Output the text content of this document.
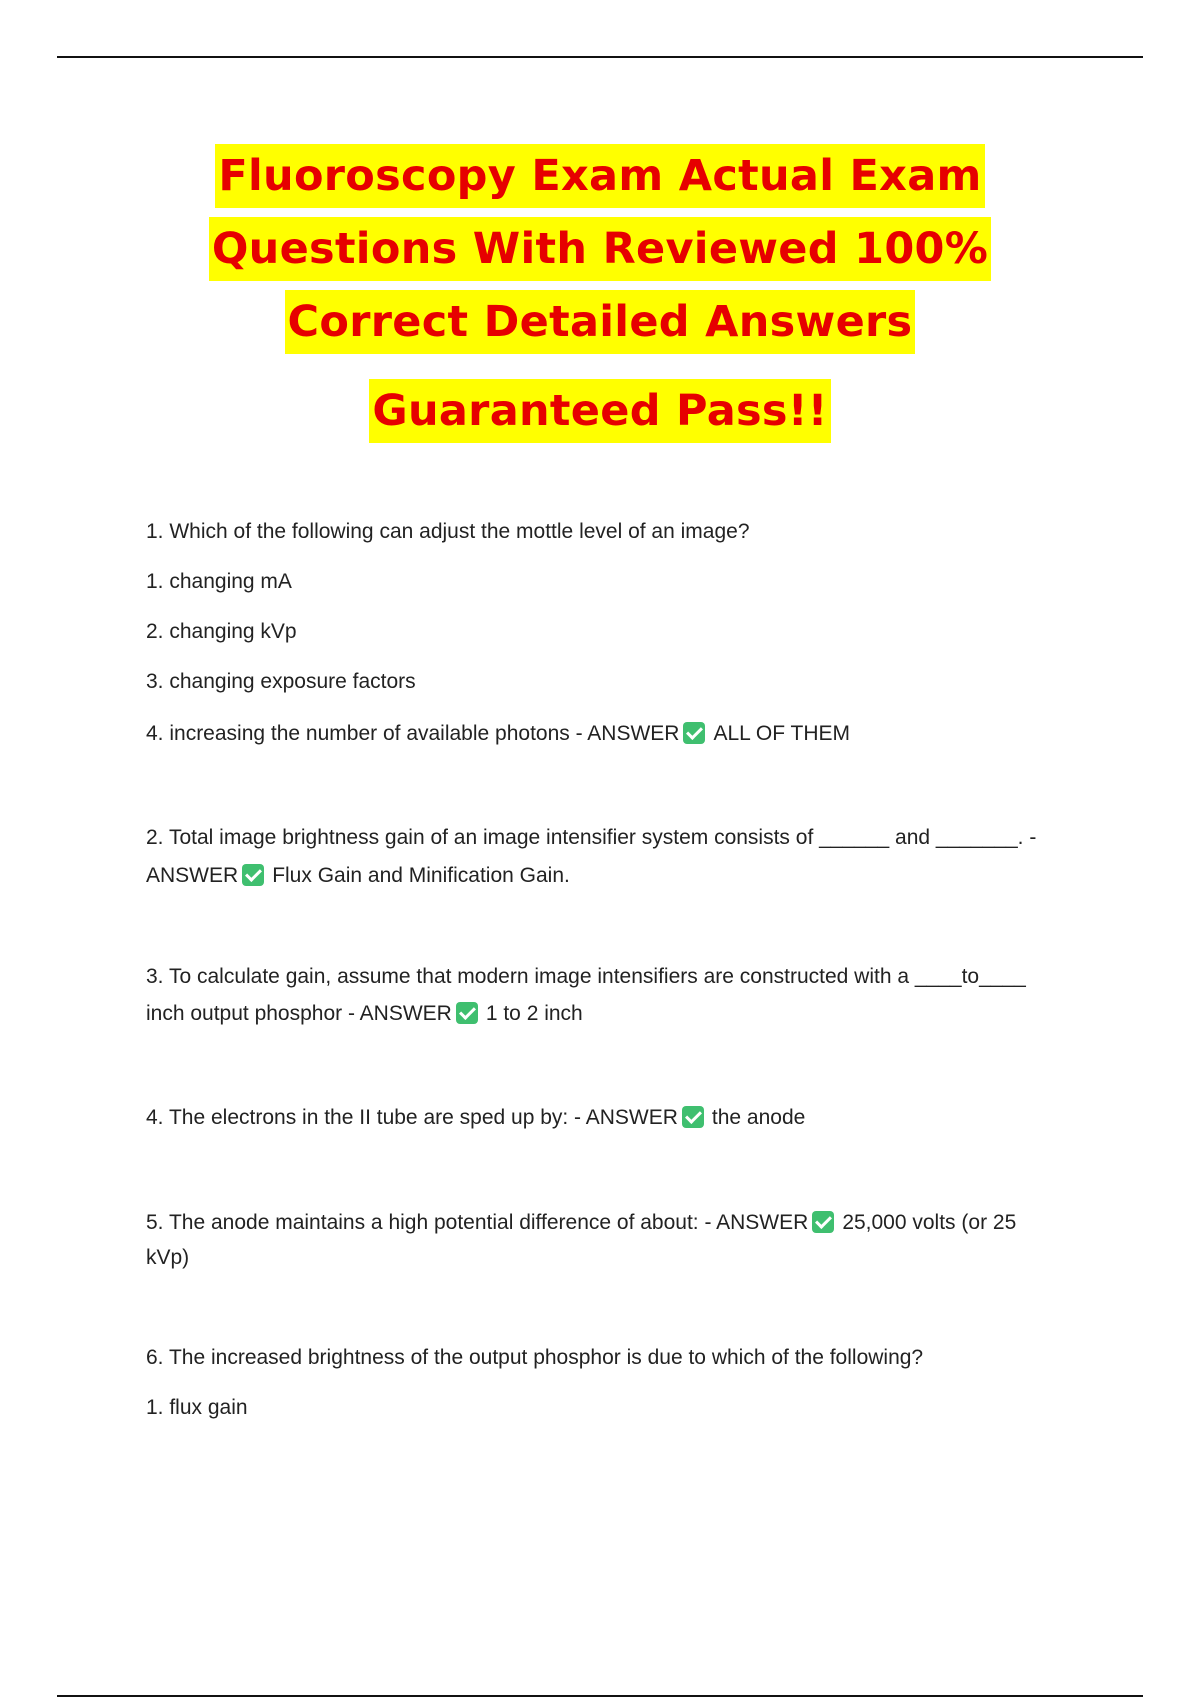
Fluoroscopy Exam Actual Exam
Questions With Reviewed 100%
Correct Detailed Answers
Guaranteed Pass!!
1. Which of the following can adjust the mottle level of an image?
1. changing mA
2. changing kVp
3. changing exposure factors
4. increasing the number of available photons - ANSWER ALL OF THEM
2. Total image brightness gain of an image intensifier system consists of ______ and _______. -
ANSWER Flux Gain and Minification Gain.
3. To calculate gain, assume that modern image intensifiers are constructed with a ____to____
inch output phosphor - ANSWER 1 to 2 inch
4. The electrons in the II tube are sped up by: - ANSWER the anode
5. The anode maintains a high potential difference of about: - ANSWER 25,000 volts (or 25
kVp)
6. The increased brightness of the output phosphor is due to which of the following?
1. flux gain
